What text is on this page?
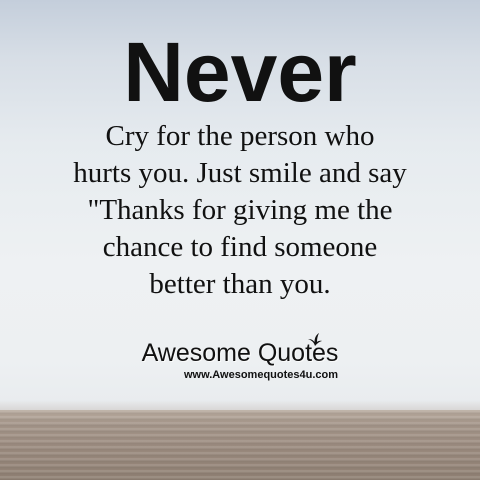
Never

Cry for the person who
hurts you. Just smile and say
"Thanks for giving me the
chance to find someone
better than you.

Awesome Quotes
www.Awesomequotes4u.com
